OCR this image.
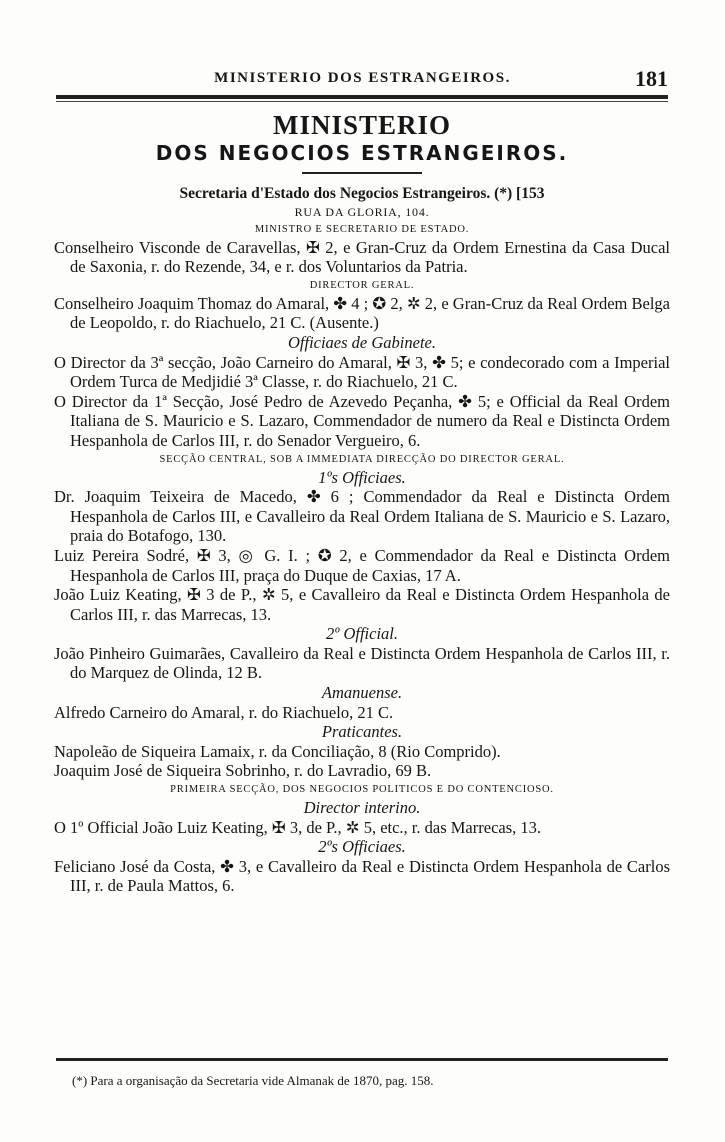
MINISTERIO DOS ESTRANGEIROS.	181
MINISTERIO
DOS NEGOCIOS ESTRANGEIROS.
Secretaria d'Estado dos Negocios Estrangeiros. (*) [153
RUA DA GLORIA, 104.
MINISTRO E SECRETARIO DE ESTADO.
Conselheiro Visconde de Caravellas, ✠ 2, e Gran-Cruz da Ordem Ernestina da Casa Ducal de Saxonia, r. do Rezende, 34, e r. dos Voluntarios da Patria.
DIRECTOR GERAL.
Conselheiro Joaquim Thomaz do Amaral, ✤ 4 ; ✪ 2, ✲ 2, e Gran-Cruz da Real Ordem Belga de Leopoldo, r. do Riachuelo, 21 C. (Ausente.)
Officiaes de Gabinete.
O Director da 3ª secção, João Carneiro do Amaral, ✠ 3, ✤ 5; e condecorado com a Imperial Ordem Turca de Medjidié 3ª Classe, r. do Riachuelo, 21 C.
O Director da 1ª Secção, José Pedro de Azevedo Peçanha, ✤ 5; e Official da Real Ordem Italiana de S. Mauricio e S. Lazaro, Commendador de numero da Real e Distincta Ordem Hespanhola de Carlos III, r. do Senador Vergueiro, 6.
SECÇÃO CENTRAL, SOB A IMMEDIATA DIRECÇÃO DO DIRECTOR GERAL.
1ºs Officiaes.
Dr. Joaquim Teixeira de Macedo, ✤ 6 ; Commendador da Real e Distincta Ordem Hespanhola de Carlos III, e Cavalleiro da Real Ordem Italiana de S. Mauricio e S. Lazaro, praia do Botafogo, 130.
Luiz Pereira Sodré, ✠ 3, ◎ G. I. ; ✪ 2, e Commendador da Real e Distincta Ordem Hespanhola de Carlos III, praça do Duque de Caxias, 17 A.
João Luiz Keating, ✠ 3 de P., ✲ 5, e Cavalleiro da Real e Distincta Ordem Hespanhola de Carlos III, r. das Marrecas, 13.
2º Official.
João Pinheiro Guimarães, Cavalleiro da Real e Distincta Ordem Hespanhola de Carlos III, r. do Marquez de Olinda, 12 B.
Amanuense.
Alfredo Carneiro do Amaral, r. do Riachuelo, 21 C.
Praticantes.
Napoleão de Siqueira Lamaix, r. da Conciliação, 8 (Rio Comprido).
Joaquim José de Siqueira Sobrinho, r. do Lavradio, 69 B.
PRIMEIRA SECÇÃO, DOS NEGOCIOS POLITICOS E DO CONTENCIOSO.
Director interino.
O 1º Official João Luiz Keating, ✠ 3, de P., ✲ 5, etc., r. das Marrecas, 13.
2ºs Officiaes.
Feliciano José da Costa, ✤ 3, e Cavalleiro da Real e Distincta Ordem Hespanhola de Carlos III, r. de Paula Mattos, 6.
(*) Para a organisação da Secretaria vide Almanak de 1870, pag. 158.
